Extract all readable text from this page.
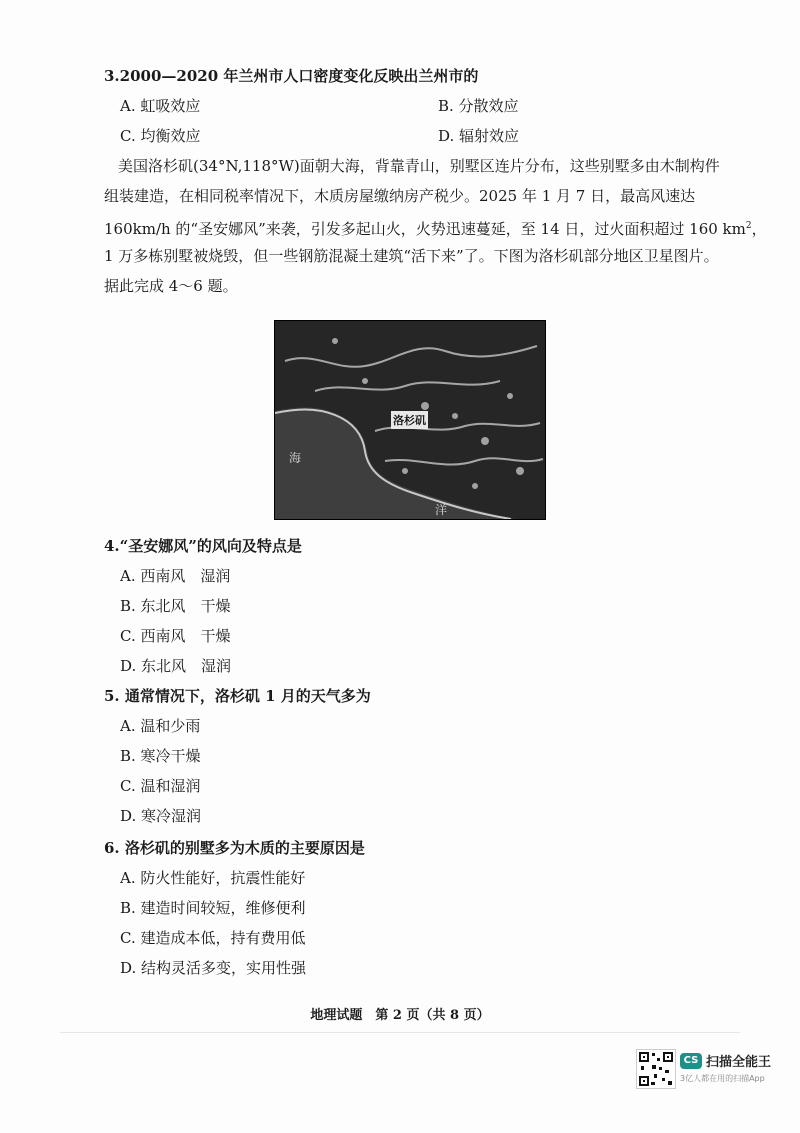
3.2000—2020 年兰州市人口密度变化反映出兰州市的
A. 虹吸效应	B. 分散效应
C. 均衡效应	D. 辐射效应
美国洛杉矶(34°N,118°W)面朝大海，背靠青山，别墅区连片分布，这些别墅多由木制构件
组装建造，在相同税率情况下，木质房屋缴纳房产税少。2025 年 1 月 7 日，最高风速达
160km/h 的“圣安娜风”来袭，引发多起山火，火势迅速蔓延，至 14 日，过火面积超过 160 $km^2$，
1 万多栋别墅被烧毁，但一些钢筋混凝土建筑“活下来”了。下图为洛杉矶部分地区卫星图片。
据此完成 4～6 题。
洛杉矶
海
洋
4.“圣安娜风”的风向及特点是
A. 西南风　湿润
B. 东北风　干燥
C. 西南风　干燥
D. 东北风　湿润
5. 通常情况下，洛杉矶 1 月的天气多为
A. 温和少雨
B. 寒冷干燥
C. 温和湿润
D. 寒冷湿润
6. 洛杉矶的别墅多为木质的主要原因是
A. 防火性能好，抗震性能好
B. 建造时间较短，维修便利
C. 建造成本低，持有费用低
D. 结构灵活多变，实用性强
地理试题　第 2 页（共 8 页）
CS 扫描全能王
3亿人都在用的扫描App
